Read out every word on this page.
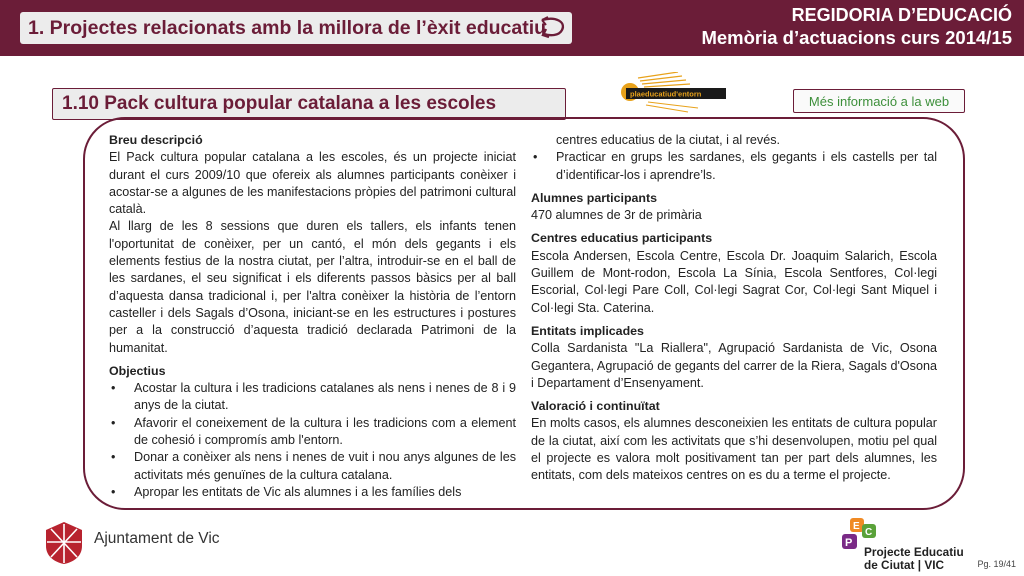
1. Projectes relacionats amb la millora de l’èxit educatiu
REGIDORIA D’EDUCACIÓ
Memòria d’actuacions curs 2014/15
1.10 Pack cultura popular catalana a les escoles	plaeducatiud'entorn	Més informació a la web
Breu descripció
El Pack cultura popular catalana a les escoles, és un projecte iniciat durant el curs 2009/10 que ofereix als alumnes participants conèixer i acostar-se a algunes de les manifestacions pròpies del patrimoni cultural català.
Al llarg de les 8 sessions que duren els tallers, els infants tenen l'oportunitat de conèixer, per un cantó, el món dels gegants i els elements festius de la nostra ciutat, per l’altra, introduir-se en el ball de les sardanes, el seu significat i els diferents passos bàsics per al ball d’aquesta dansa tradicional i, per l'altra conèixer la història de l’entorn casteller i dels Sagals d’Osona, iniciant-se en les estructures i postures per a la construcció d’aquesta tradició declarada Patrimoni de la humanitat.
Objectius
• Acostar la cultura i les tradicions catalanes als nens i nenes de 8 i 9 anys de la ciutat.
• Afavorir el coneixement de la cultura i les tradicions com a element de cohesió i compromís amb l'entorn.
• Donar a conèixer als nens i nenes de vuit i nou anys algunes de les activitats més genuïnes de la cultura catalana.
• Apropar les entitats de Vic als alumnes i a les famílies dels
centres educatius de la ciutat, i al revés.
• Practicar en grups les sardanes, els gegants i els castells per tal d’identificar-los i aprendre’ls.
Alumnes participants
470 alumnes de 3r de primària
Centres educatius participants
Escola Andersen, Escola Centre, Escola Dr. Joaquim Salarich, Escola Guillem de Mont-rodon, Escola La Sínia, Escola Sentfores, Col·legi Escorial, Col·legi Pare Coll, Col·legi Sagrat Cor, Col·legi Sant Miquel i Col·legi Sta. Caterina.
Entitats implicades
Colla Sardanista "La Riallera", Agrupació Sardanista de Vic, Osona Gegantera, Agrupació de gegants del carrer de la Riera, Sagals d'Osona i Departament d’Ensenyament.
Valoració i continuïtat
En molts casos, els alumnes desconeixien les entitats de cultura popular de la ciutat, així com les activitats que s’hi desenvolupen, motiu pel qual el projecte es valora molt positivament tan per part dels alumnes, les entitats, com dels mateixos centres on es du a terme el projecte.
Ajuntament de Vic
E
C
P
Projecte Educatiu
de Ciutat | VIC	Pg. 19/41
